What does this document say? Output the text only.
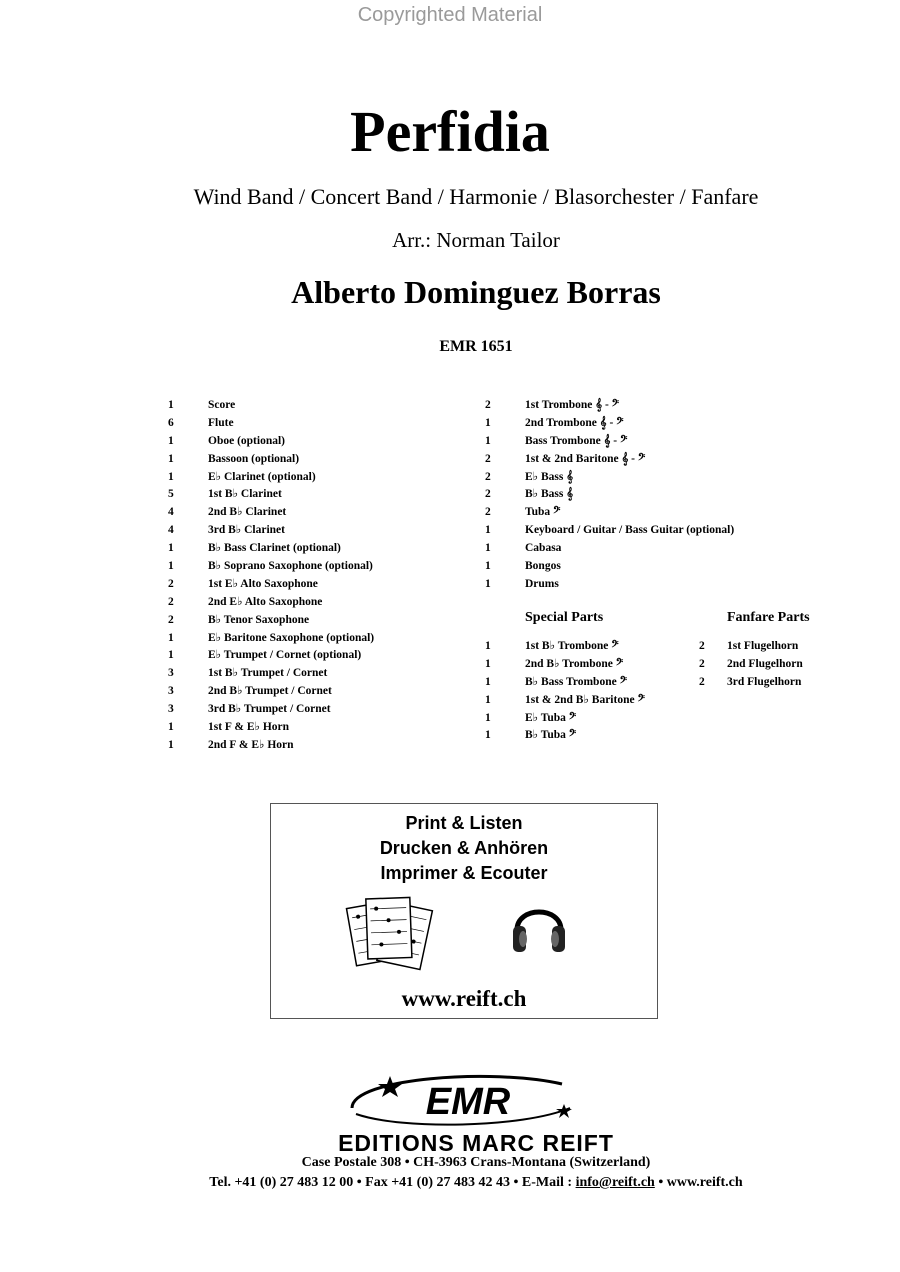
Copyrighted Material
Perfidia
Wind Band / Concert Band / Harmonie / Blasorchester / Fanfare
Arr.: Norman Tailor
Alberto Dominguez Borras
EMR 1651
1	Score
6	Flute
1	Oboe (optional)
1	Bassoon (optional)
1	E♭ Clarinet (optional)
5	1st B♭ Clarinet
4	2nd B♭ Clarinet
4	3rd B♭ Clarinet
1	B♭ Bass Clarinet (optional)
1	B♭ Soprano Saxophone (optional)
2	1st E♭ Alto Saxophone
2	2nd E♭ Alto Saxophone
2	B♭ Tenor Saxophone
1	E♭ Baritone Saxophone (optional)
1	E♭ Trumpet / Cornet (optional)
3	1st B♭ Trumpet / Cornet
3	2nd B♭ Trumpet / Cornet
3	3rd B♭ Trumpet / Cornet
1	1st F & E♭ Horn
1	2nd F & E♭ Horn
2	1st Trombone 𝄞 - 𝄢
1	2nd Trombone 𝄞 - 𝄢
1	Bass Trombone 𝄞 - 𝄢
2	1st & 2nd Baritone 𝄞 - 𝄢
2	E♭ Bass 𝄞
2	B♭ Bass 𝄞
2	Tuba 𝄢
1	Keyboard / Guitar / Bass Guitar (optional)
1	Cabasa
1	Bongos
1	Drums
Special Parts
1	1st B♭ Trombone 𝄢
1	2nd B♭ Trombone 𝄢
1	B♭ Bass Trombone 𝄢
1	1st & 2nd B♭ Baritone 𝄢
1	E♭ Tuba 𝄢
1	B♭ Tuba 𝄢
Fanfare Parts
2	1st Flugelhorn
2	2nd Flugelhorn
2	3rd Flugelhorn
Print & Listen
Drucken & Anhören
Imprimer & Ecouter
www.reift.ch
EMR
EDITIONS MARC REIFT
Case Postale 308 • CH-3963 Crans-Montana (Switzerland)
Tel. +41 (0) 27 483 12 00 • Fax +41 (0) 27 483 42 43 • E-Mail : info@reift.ch • www.reift.ch
